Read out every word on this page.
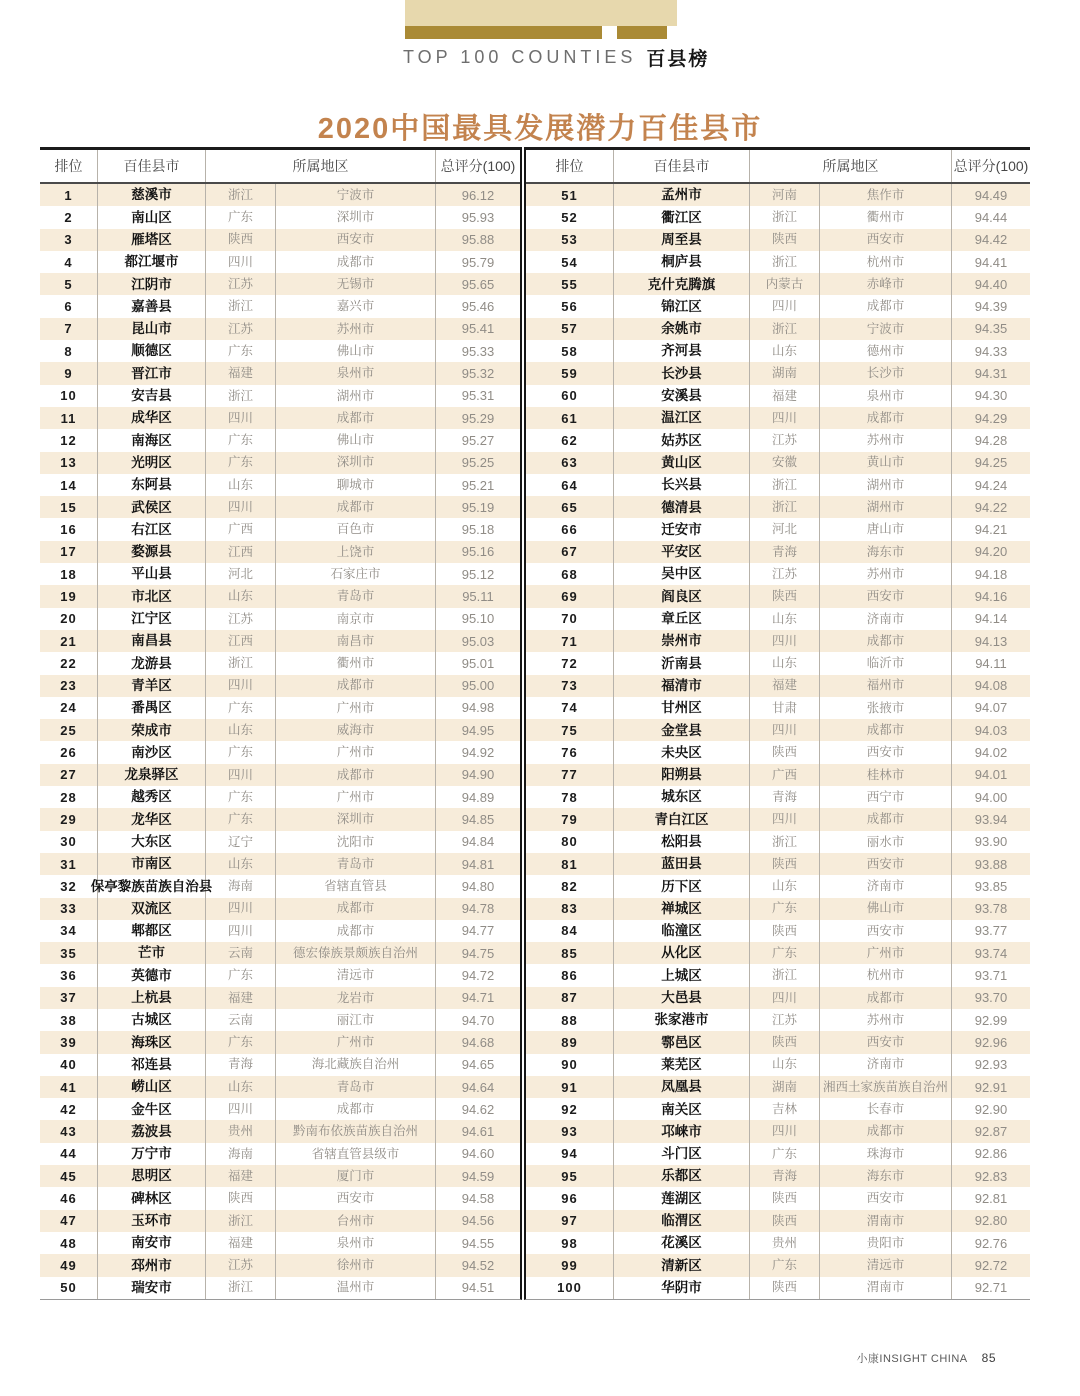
TOP 100 COUNTIES 百县榜
2020中国最具发展潜力百佳县市
排位	百佳县市	所属地区	总评分(100)
1	慈溪市	浙江	宁波市	96.12
2	南山区	广东	深圳市	95.93
3	雁塔区	陕西	西安市	95.88
4	都江堰市	四川	成都市	95.79
5	江阴市	江苏	无锡市	95.65
6	嘉善县	浙江	嘉兴市	95.46
7	昆山市	江苏	苏州市	95.41
8	顺德区	广东	佛山市	95.33
9	晋江市	福建	泉州市	95.32
10	安吉县	浙江	湖州市	95.31
11	成华区	四川	成都市	95.29
12	南海区	广东	佛山市	95.27
13	光明区	广东	深圳市	95.25
14	东阿县	山东	聊城市	95.21
15	武侯区	四川	成都市	95.19
16	右江区	广西	百色市	95.18
17	婺源县	江西	上饶市	95.16
18	平山县	河北	石家庄市	95.12
19	市北区	山东	青岛市	95.11
20	江宁区	江苏	南京市	95.10
21	南昌县	江西	南昌市	95.03
22	龙游县	浙江	衢州市	95.01
23	青羊区	四川	成都市	95.00
24	番禺区	广东	广州市	94.98
25	荣成市	山东	威海市	94.95
26	南沙区	广东	广州市	94.92
27	龙泉驿区	四川	成都市	94.90
28	越秀区	广东	广州市	94.89
29	龙华区	广东	深圳市	94.85
30	大东区	辽宁	沈阳市	94.84
31	市南区	山东	青岛市	94.81
32	保亭黎族苗族自治县	海南	省辖直管县	94.80
33	双流区	四川	成都市	94.78
34	郫都区	四川	成都市	94.77
35	芒市	云南	德宏傣族景颇族自治州	94.75
36	英德市	广东	清远市	94.72
37	上杭县	福建	龙岩市	94.71
38	古城区	云南	丽江市	94.70
39	海珠区	广东	广州市	94.68
40	祁连县	青海	海北藏族自治州	94.65
41	崂山区	山东	青岛市	94.64
42	金牛区	四川	成都市	94.62
43	荔波县	贵州	黔南布依族苗族自治州	94.61
44	万宁市	海南	省辖直管县级市	94.60
45	思明区	福建	厦门市	94.59
46	碑林区	陕西	西安市	94.58
47	玉环市	浙江	台州市	94.56
48	南安市	福建	泉州市	94.55
49	邳州市	江苏	徐州市	94.52
50	瑞安市	浙江	温州市	94.51
排位	百佳县市	所属地区	总评分(100)
51	孟州市	河南	焦作市	94.49
52	衢江区	浙江	衢州市	94.44
53	周至县	陕西	西安市	94.42
54	桐庐县	浙江	杭州市	94.41
55	克什克腾旗	内蒙古	赤峰市	94.40
56	锦江区	四川	成都市	94.39
57	余姚市	浙江	宁波市	94.35
58	齐河县	山东	德州市	94.33
59	长沙县	湖南	长沙市	94.31
60	安溪县	福建	泉州市	94.30
61	温江区	四川	成都市	94.29
62	姑苏区	江苏	苏州市	94.28
63	黄山区	安徽	黄山市	94.25
64	长兴县	浙江	湖州市	94.24
65	德清县	浙江	湖州市	94.22
66	迁安市	河北	唐山市	94.21
67	平安区	青海	海东市	94.20
68	吴中区	江苏	苏州市	94.18
69	阎良区	陕西	西安市	94.16
70	章丘区	山东	济南市	94.14
71	崇州市	四川	成都市	94.13
72	沂南县	山东	临沂市	94.11
73	福清市	福建	福州市	94.08
74	甘州区	甘肃	张掖市	94.07
75	金堂县	四川	成都市	94.03
76	未央区	陕西	西安市	94.02
77	阳朔县	广西	桂林市	94.01
78	城东区	青海	西宁市	94.00
79	青白江区	四川	成都市	93.94
80	松阳县	浙江	丽水市	93.90
81	蓝田县	陕西	西安市	93.88
82	历下区	山东	济南市	93.85
83	禅城区	广东	佛山市	93.78
84	临潼区	陕西	西安市	93.77
85	从化区	广东	广州市	93.74
86	上城区	浙江	杭州市	93.71
87	大邑县	四川	成都市	93.70
88	张家港市	江苏	苏州市	92.99
89	鄠邑区	陕西	西安市	92.96
90	莱芜区	山东	济南市	92.93
91	凤凰县	湖南	湘西土家族苗族自治州	92.91
92	南关区	吉林	长春市	92.90
93	邛崃市	四川	成都市	92.87
94	斗门区	广东	珠海市	92.86
95	乐都区	青海	海东市	92.83
96	莲湖区	陕西	西安市	92.81
97	临渭区	陕西	渭南市	92.80
98	花溪区	贵州	贵阳市	92.76
99	清新区	广东	清远市	92.72
100	华阴市	陕西	渭南市	92.71
小康INSIGHT CHINA 85
